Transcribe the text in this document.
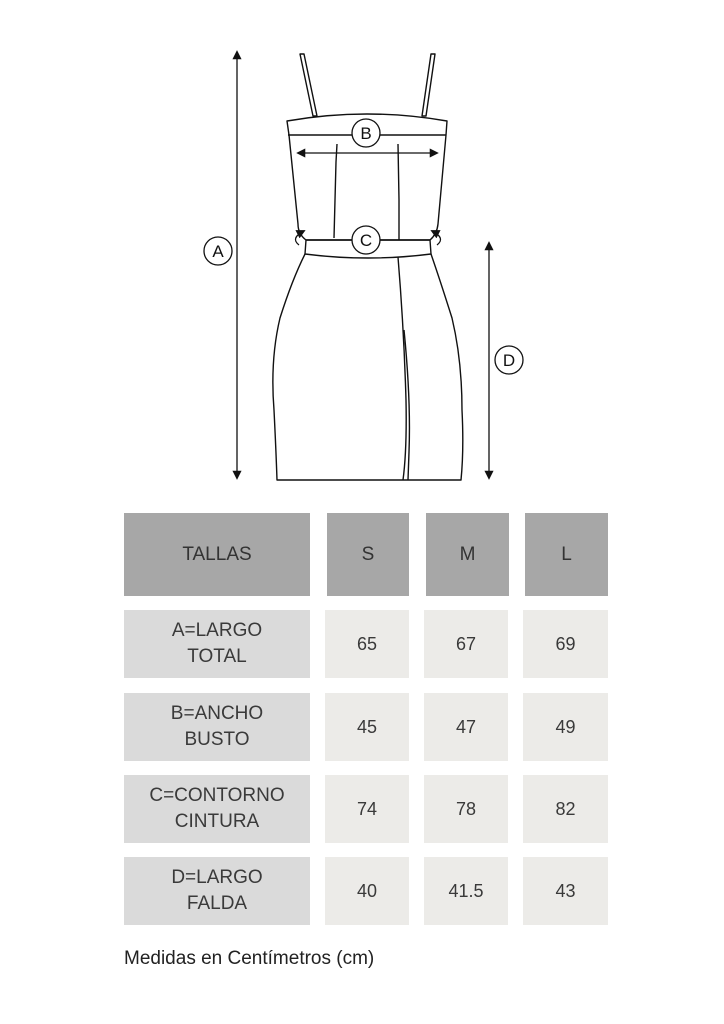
A
B
C
D
TALLAS	S	M	L
A=LARGO
TOTAL
65	67	69
B=ANCHO
BUSTO
45	47	49
C=CONTORNO
CINTURA
74	78	82
D=LARGO
FALDA
40	41.5	43
Medidas en Centímetros (cm)
